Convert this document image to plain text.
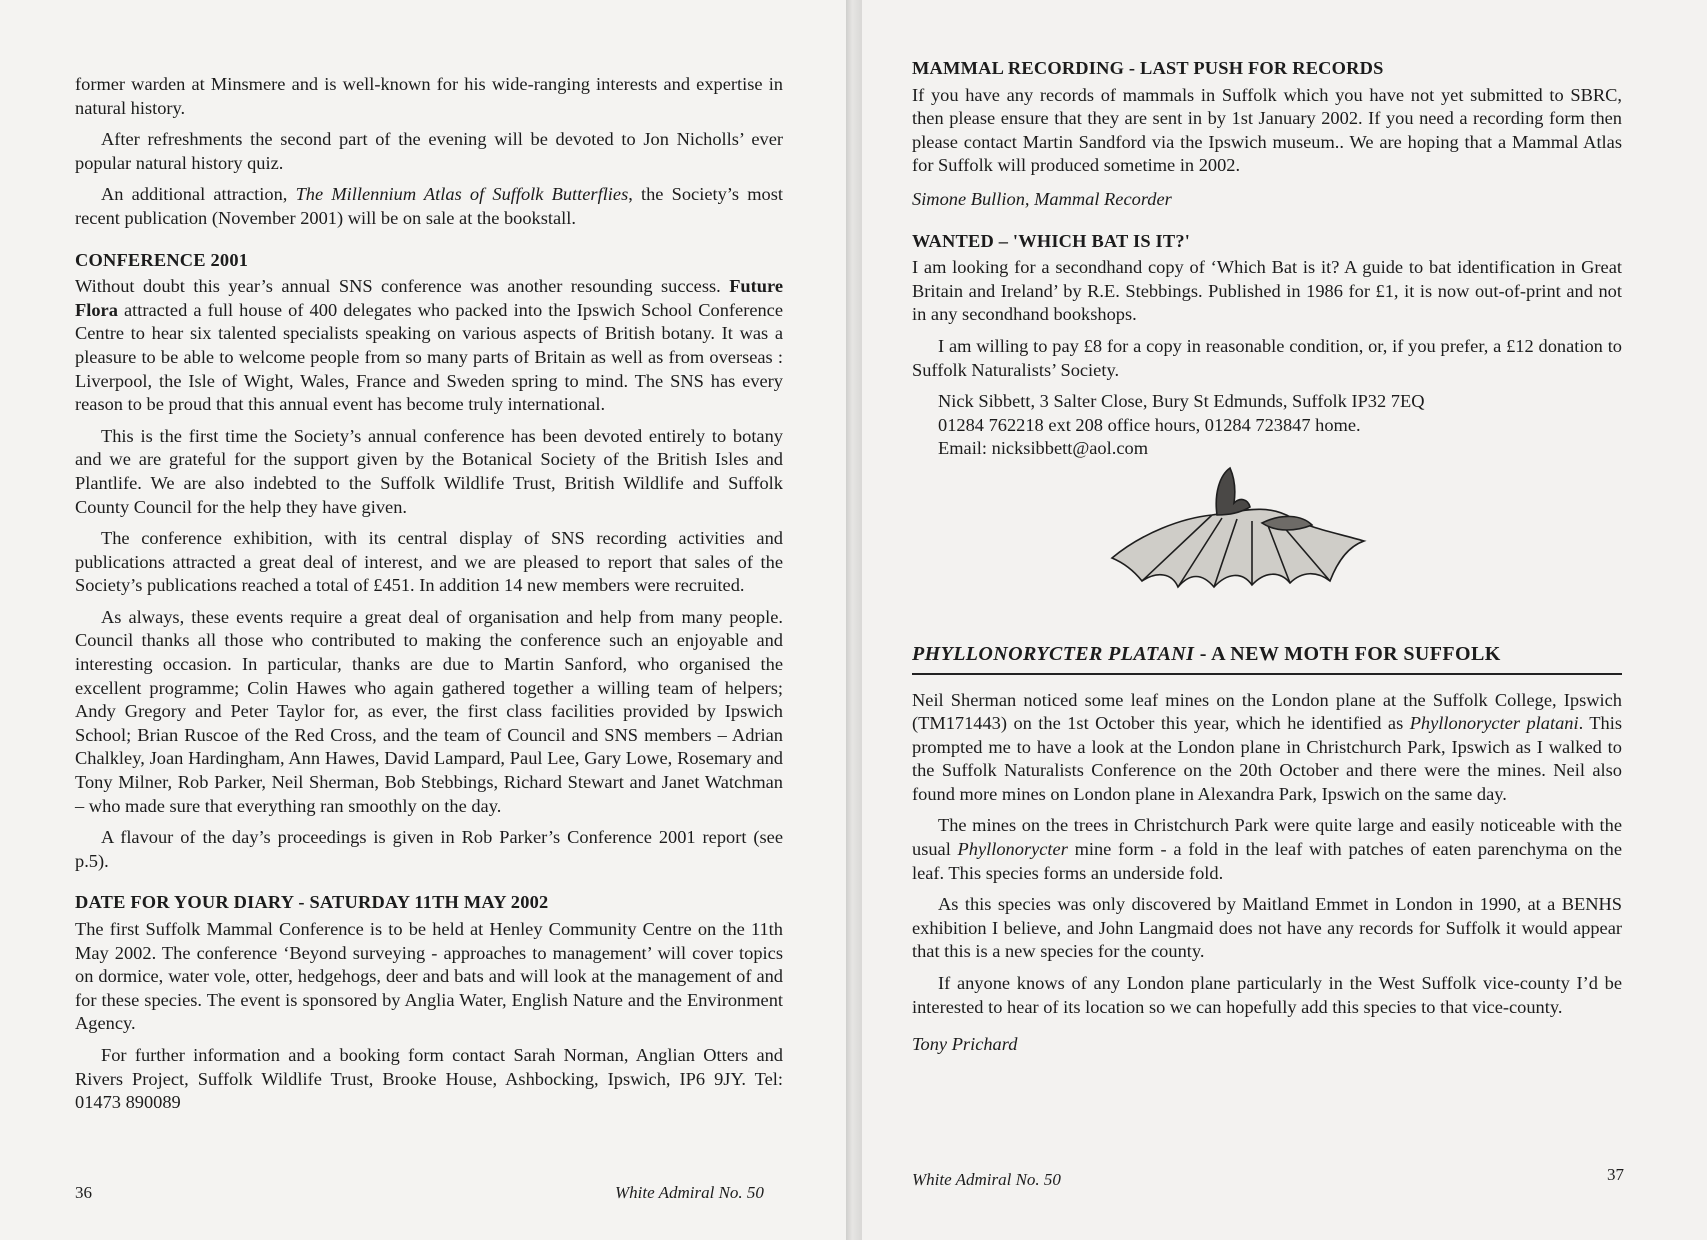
former warden at Minsmere and is well-known for his wide-ranging interests and expertise in natural history.

After refreshments the second part of the evening will be devoted to Jon Nicholls’ ever popular natural history quiz.

An additional attraction, The Millennium Atlas of Suffolk Butterflies, the Society’s most recent publication (November 2001) will be on sale at the bookstall.

CONFERENCE 2001

Without doubt this year’s annual SNS conference was another resounding success. Future Flora attracted a full house of 400 delegates who packed into the Ipswich School Conference Centre to hear six talented specialists speaking on various aspects of British botany. It was a pleasure to be able to welcome people from so many parts of Britain as well as from overseas : Liverpool, the Isle of Wight, Wales, France and Sweden spring to mind. The SNS has every reason to be proud that this annual event has become truly international.

This is the first time the Society’s annual conference has been devoted entirely to botany and we are grateful for the support given by the Botanical Society of the British Isles and Plantlife. We are also indebted to the Suffolk Wildlife Trust, British Wildlife and Suffolk County Council for the help they have given.

The conference exhibition, with its central display of SNS recording activities and publications attracted a great deal of interest, and we are pleased to report that sales of the Society’s publications reached a total of £451. In addition 14 new members were recruited.

As always, these events require a great deal of organisation and help from many people. Council thanks all those who contributed to making the conference such an enjoyable and interesting occasion. In particular, thanks are due to Martin Sanford, who organised the excellent programme; Colin Hawes who again gathered together a willing team of helpers; Andy Gregory and Peter Taylor for, as ever, the first class facilities provided by Ipswich School; Brian Ruscoe of the Red Cross, and the team of Council and SNS members – Adrian Chalkley, Joan Hardingham, Ann Hawes, David Lampard, Paul Lee, Gary Lowe, Rosemary and Tony Milner, Rob Parker, Neil Sherman, Bob Stebbings, Richard Stewart and Janet Watchman – who made sure that everything ran smoothly on the day.

A flavour of the day’s proceedings is given in Rob Parker’s Conference 2001 report (see p.5).

DATE FOR YOUR DIARY - SATURDAY 11TH MAY 2002

The first Suffolk Mammal Conference is to be held at Henley Community Centre on the 11th May 2002. The conference ‘Beyond surveying - approaches to management’ will cover topics on dormice, water vole, otter, hedgehogs, deer and bats and will look at the management of and for these species. The event is sponsored by Anglia Water, English Nature and the Environment Agency.

For further information and a booking form contact Sarah Norman, Anglian Otters and Rivers Project, Suffolk Wildlife Trust, Brooke House, Ashbocking, Ipswich, IP6 9JY. Tel: 01473 890089

36	White Admiral No. 50
MAMMAL RECORDING - LAST PUSH FOR RECORDS

If you have any records of mammals in Suffolk which you have not yet submitted to SBRC, then please ensure that they are sent in by 1st January 2002. If you need a recording form then please contact Martin Sandford via the Ipswich museum.. We are hoping that a Mammal Atlas for Suffolk will produced sometime in 2002.

Simone Bullion, Mammal Recorder

WANTED – 'WHICH BAT IS IT?'

I am looking for a secondhand copy of ‘Which Bat is it? A guide to bat identification in Great Britain and Ireland’ by R.E. Stebbings. Published in 1986 for £1, it is now out-of-print and not in any secondhand bookshops.

I am willing to pay £8 for a copy in reasonable condition, or, if you prefer, a £12 donation to Suffolk Naturalists’ Society.

Nick Sibbett, 3 Salter Close, Bury St Edmunds, Suffolk IP32 7EQ
01284 762218 ext 208 office hours, 01284 723847 home.
Email: nicksibbett@aol.com
PHYLLONORYCTER PLATANI - A NEW MOTH FOR SUFFOLK

Neil Sherman noticed some leaf mines on the London plane at the Suffolk College, Ipswich (TM171443) on the 1st October this year, which he identified as Phyllonorycter platani. This prompted me to have a look at the London plane in Christchurch Park, Ipswich as I walked to the Suffolk Naturalists Conference on the 20th October and there were the mines. Neil also found more mines on London plane in Alexandra Park, Ipswich on the same day.

The mines on the trees in Christchurch Park were quite large and easily noticeable with the usual Phyllonorycter mine form - a fold in the leaf with patches of eaten parenchyma on the leaf. This species forms an underside fold.

As this species was only discovered by Maitland Emmet in London in 1990, at a BENHS exhibition I believe, and John Langmaid does not have any records for Suffolk it would appear that this is a new species for the county.

If anyone knows of any London plane particularly in the West Suffolk vice-county I’d be interested to hear of its location so we can hopefully add this species to that vice-county.

Tony Prichard

White Admiral No. 50	37
